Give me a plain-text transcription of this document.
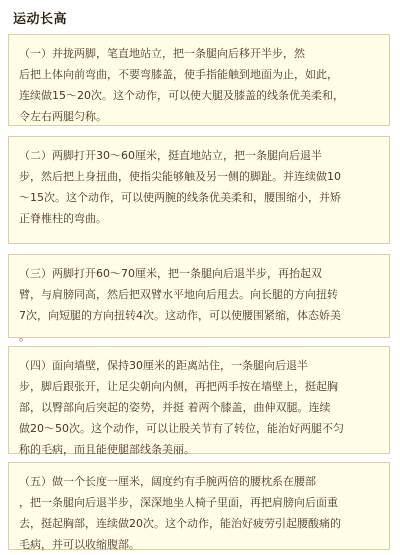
运动长高
（一）并拢两脚，笔直地站立，把一条腿向后移开半步，然
后把上体向前弯曲，不要弯膝盖，使手指能触到地面为止，如此，
连续做15～20次。这个动作，可以使大腿及膝盖的线条优美柔和，
令左右两腿匀称。
（二）两脚打开30～60厘米，挺直地站立，把一条腿向后退半
步，然后把上身扭曲，使指尖能够触及另一侧的脚趾。并连续做10
～15次。这个动作，可以使两腕的线条优美柔和，腰围缩小，并矫
正脊椎柱的弯曲。
（三）两脚打开60～70厘米，把一条腿向后退半步，再抬起双
臂，与肩膀同高，然后把双臂水平地向后甩去。向长腿的方向扭转
7次，向短腿的方向扭转4次。这动作，可以使腰围紧缩，体态娇美
。
（四）面向墙壁，保持30厘米的距离站住，一条腿向后退半
步，脚后跟张开，让足尖朝向内侧，再把两手按在墙壁上，挺起胸
部，以臀部向后突起的姿势，并挺 着两个膝盖，曲伸双腿。连续
做20～50次。这个动作，可以让股关节有了转位，能治好两腿不匀
称的毛病，而且能使腿部线条美丽。
（五）做一个长度一厘米，阔度约有手腕两倍的腰枕系在腰部
，把一条腿向后退半步，深深地坐人椅子里面，再把肩膀向后面重
去，挺起胸部，连续做20次。这个动作，能治好疲劳引起腰酸痛的
毛病，并可以收缩腹部。
